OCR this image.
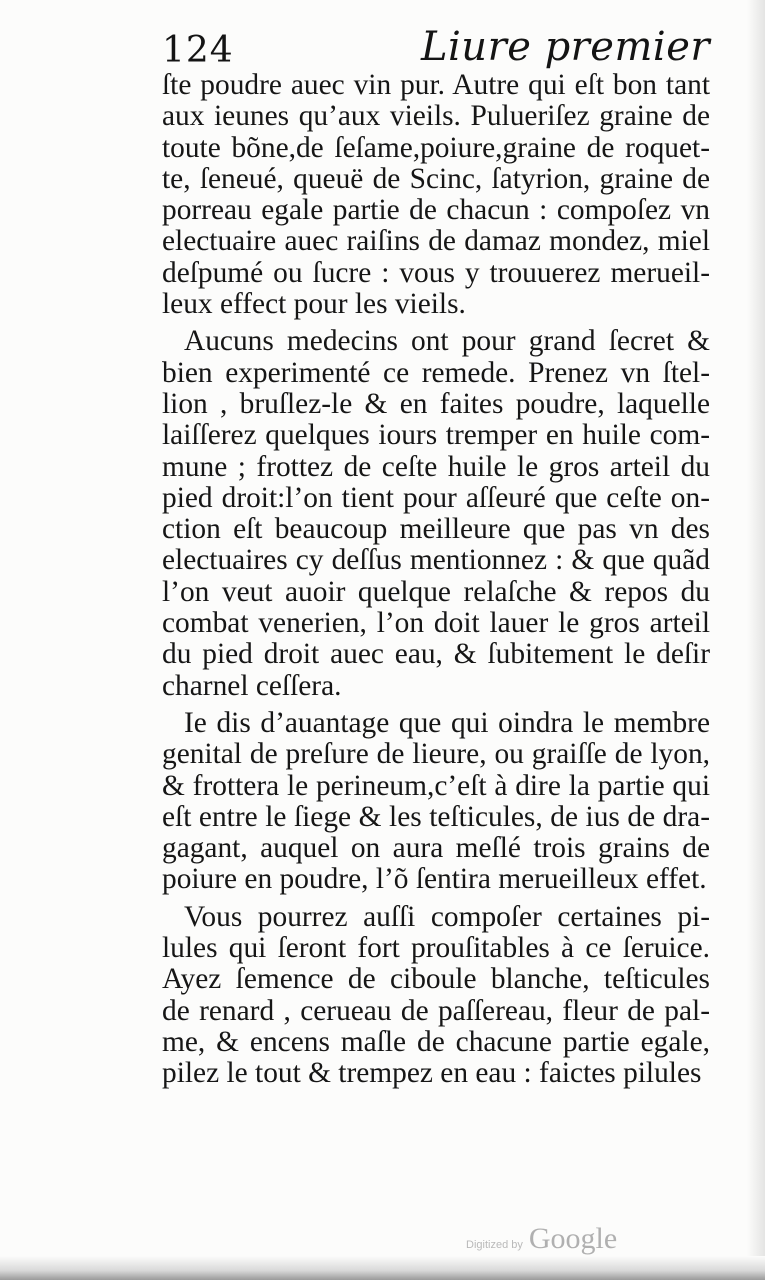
124	Liure premier
ſte poudre auec vin pur. Autre qui eſt bon tant
aux ieunes qu’aux vieils. Pulueriſez graine de
toute bõne,de ſeſame,poiure,graine de roquet-
te, ſeneué, queuë de Scinc, ſatyrion, graine de
porreau egale partie de chacun : compoſez vn
electuaire auec raiſins de damaz mondez, miel
deſpumé ou ſucre : vous y trouuerez merueil-
leux effect pour les vieils.
Aucuns medecins ont pour grand ſecret &
bien experimenté ce remede. Prenez vn ſtel-
lion , bruſlez-le & en faites poudre, laquelle
laiſſerez quelques iours tremper en huile com-
mune ; frottez de ceſte huile le gros arteil du
pied droit:l’on tient pour aſſeuré que ceſte on-
ction eſt beaucoup meilleure que pas vn des
electuaires cy deſſus mentionnez : & que quãd
l’on veut auoir quelque relaſche & repos du
combat venerien, l’on doit lauer le gros arteil
du pied droit auec eau, & ſubitement le deſir
charnel ceſſera.
Ie dis d’auantage que qui oindra le membre
genital de preſure de lieure, ou graiſſe de lyon,
& frottera le perineum,c’eſt à dire la partie qui
eſt entre le ſiege & les teſticules, de ius de dra-
gagant, auquel on aura meſlé trois grains de
poiure en poudre, l’õ ſentira merueilleux effet.
Vous pourrez auſſi compoſer certaines pi-
lules qui ſeront fort prouſitables à ce ſeruice.
Ayez ſemence de ciboule blanche, teſticules
de renard , cerueau de paſſereau, fleur de pal-
me, & encens maſle de chacune partie egale,
pilez le tout & trempez en eau : faictes pilules
Digitized by Google
